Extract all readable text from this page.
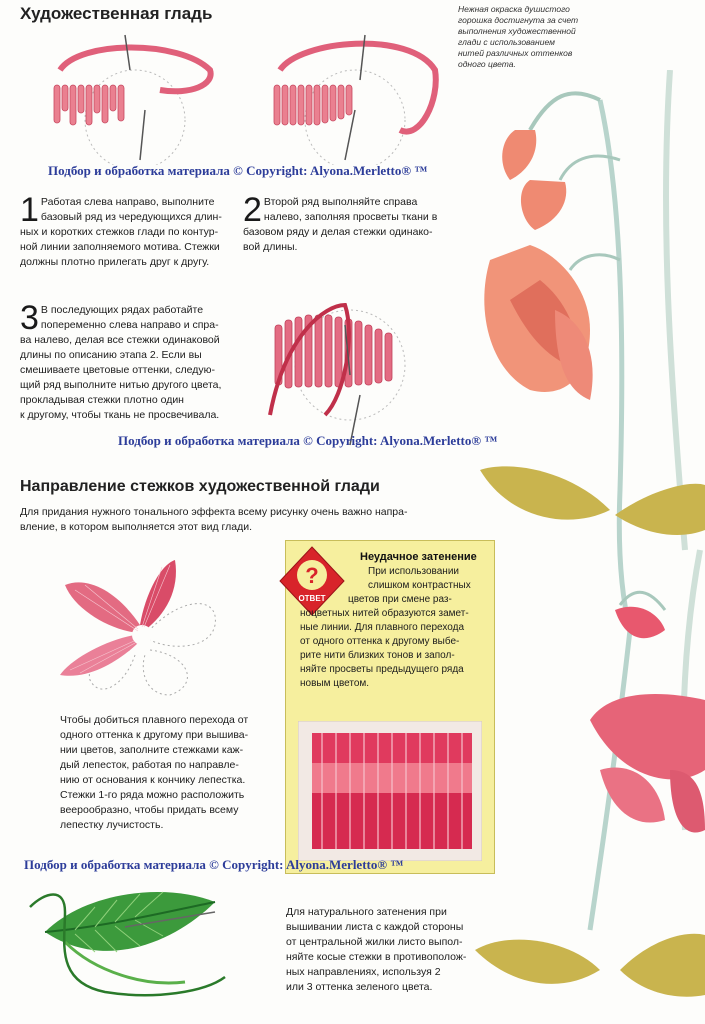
Художественная гладь	Нежная окраска душистого
горошка достигнута за счет
выполнения художественной
глади с использованием
нитей различных оттенков
одного цвета.
Подбор и обработка материала © Copyright: Alyona.Merletto® ™
1 Работая слева направо, выполните
базовый ряд из чередующихся длин-
ных и коротких стежков глади по контур-
ной линии заполняемого мотива. Стежки
должны плотно прилегать друг к другу.
2 Второй ряд выполняйте справа
налево, заполняя просветы ткани в
базовом ряду и делая стежки одинако-
вой длины.
3 В последующих рядах работайте
попеременно слева направо и спра-
ва налево, делая все стежки одинаковой
длины по описанию этапа 2. Если вы
смешиваете цветовые оттенки, следую-
щий ряд выполните нитью другого цвета,
прокладывая стежки плотно один
к другому, чтобы ткань не просвечивала.
Подбор и обработка материала © Copyright: Alyona.Merletto® ™
Направление стежков художественной глади
Для придания нужного тонального эффекта всему рисунку очень важно напра-
вление, в котором выполняется этот вид глади.
Чтобы добиться плавного перехода от
одного оттенка к другому при вышива-
нии цветов, заполните стежками каж-
дый лепесток, работая по направле-
нию от основания к кончику лепестка.
Стежки 1-го ряда можно расположить
веерообразно, чтобы придать всему
лепестку лучистость.
?
ОТВЕТ
Неудачное затенение
При использовании
слишком контрастных
цветов при смене раз-
ноцветных нитей образуются замет-
ные линии. Для плавного перехода
от одного оттенка к другому выбе-
рите нити близких тонов и запол-
няйте просветы предыдущего ряда
новым цветом.
Подбор и обработка материала © Copyright: Alyona.Merletto® ™
Для натурального затенения при
вышивании листа с каждой стороны
от центральной жилки листо выпол-
няйте косые стежки в противополож-
ных направлениях, используя 2
или 3 оттенка зеленого цвета.
